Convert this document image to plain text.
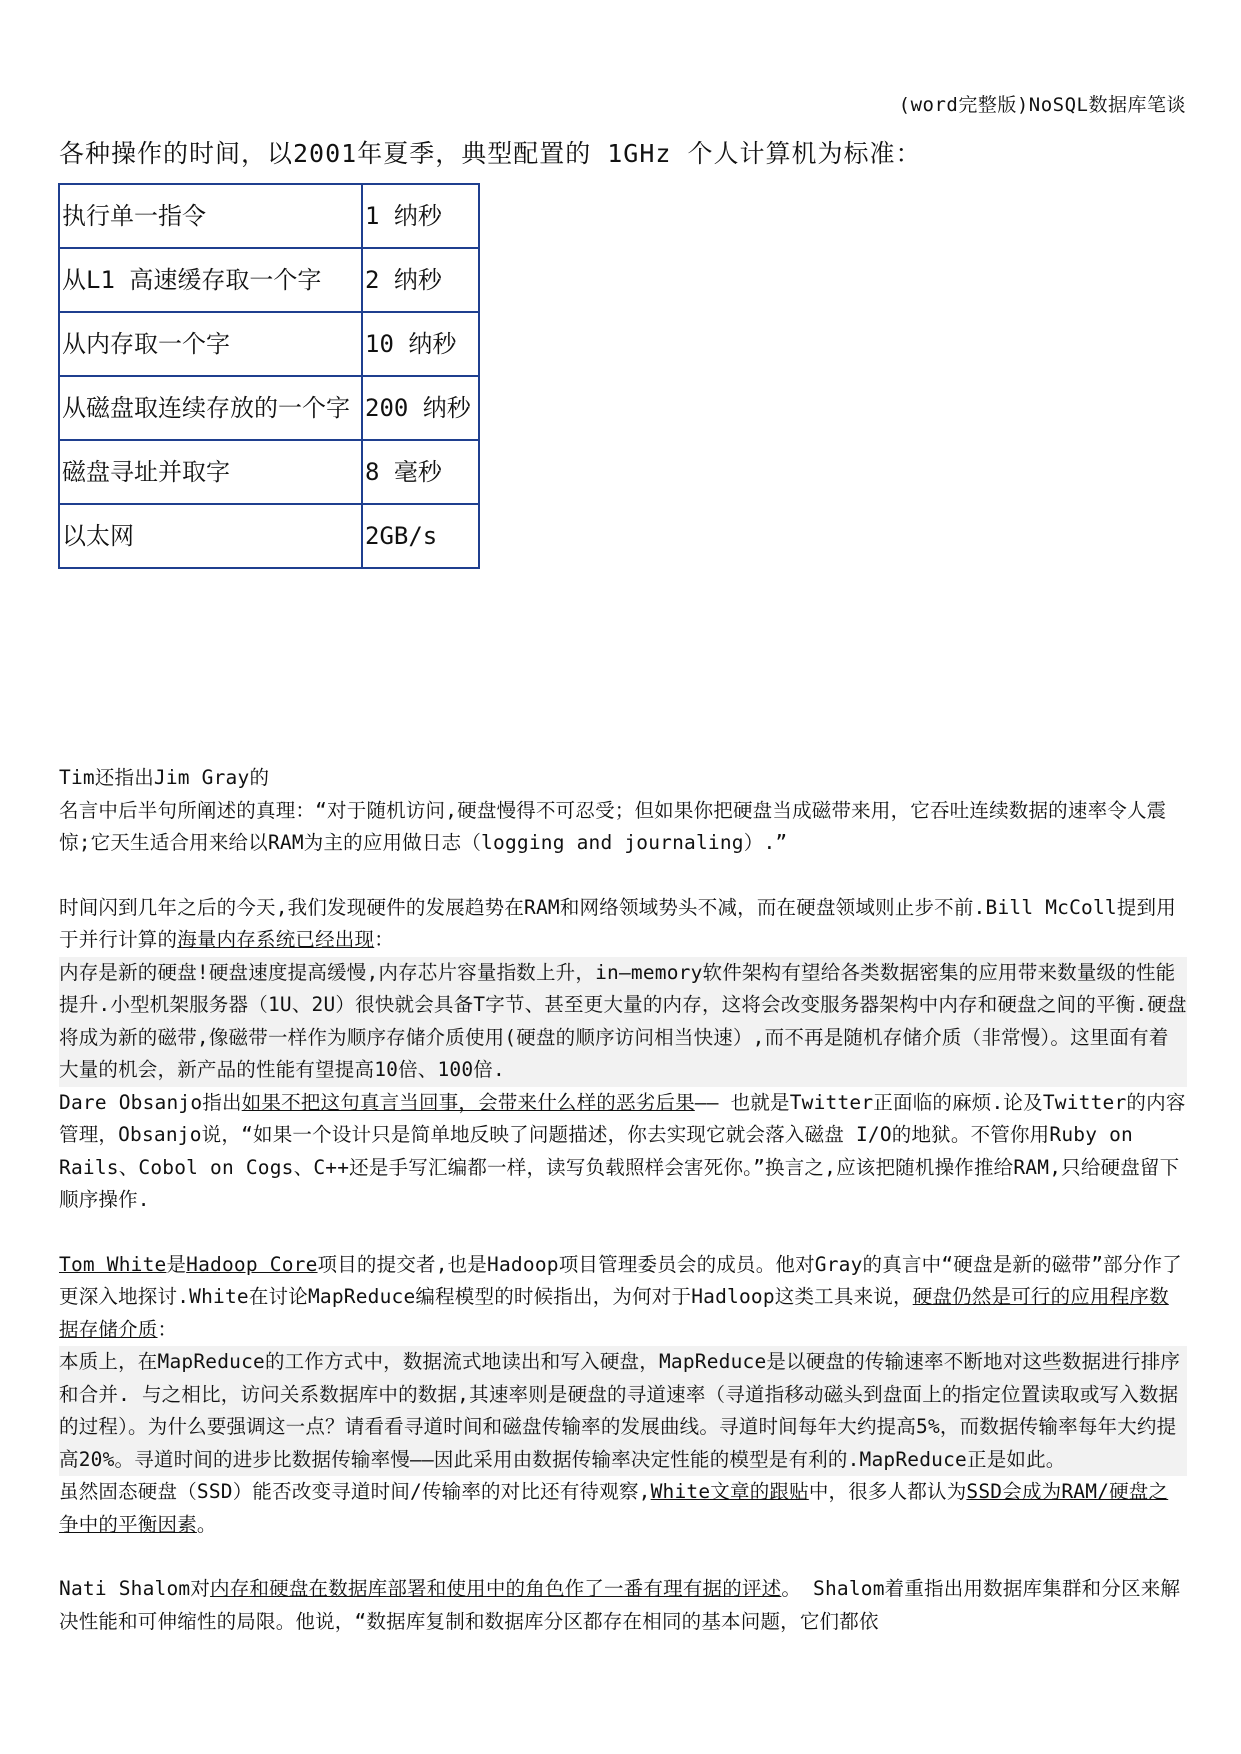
(word完整版)NoSQL数据库笔谈
各种操作的时间，以2001年夏季，典型配置的 1GHz 个人计算机为标准：
执行单一指令	1 纳秒
从L1 高速缓存取一个字	2 纳秒
从内存取一个字	10 纳秒
从磁盘取连续存放的一个字	200 纳秒
磁盘寻址并取字	8 毫秒
以太网	2GB/s

Tim还指出Jim Gray的

名言中后半句所阐述的真理：“对于随机访问,硬盘慢得不可忍受；但如果你把硬盘当成磁带来用，它吞吐连续数据的速率令人震惊;它天生适合用来给以RAM为主的应用做日志（logging and journaling）.”

时间闪到几年之后的今天,我们发现硬件的发展趋势在RAM和网络领域势头不减，而在硬盘领域则止步不前.Bill McColl提到用于并行计算的海量内存系统已经出现：

内存是新的硬盘!硬盘速度提高缓慢,内存芯片容量指数上升，in—memory软件架构有望给各类数据密集的应用带来数量级的性能提升.小型机架服务器（1U、2U）很快就会具备T字节、甚至更大量的内存，这将会改变服务器架构中内存和硬盘之间的平衡.硬盘将成为新的磁带,像磁带一样作为顺序存储介质使用(硬盘的顺序访问相当快速）,而不再是随机存储介质（非常慢）。这里面有着大量的机会，新产品的性能有望提高10倍、100倍.

Dare Obsanjo指出如果不把这句真言当回事，会带来什么样的恶劣后果—— 也就是Twitter正面临的麻烦.论及Twitter的内容管理，Obsanjo说，“如果一个设计只是简单地反映了问题描述，你去实现它就会落入磁盘 I/O的地狱。不管你用Ruby on Rails、Cobol on Cogs、C++还是手写汇编都一样，读写负载照样会害死你。”换言之,应该把随机操作推给RAM,只给硬盘留下顺序操作.

Tom White是Hadoop Core项目的提交者,也是Hadoop项目管理委员会的成员。他对Gray的真言中“硬盘是新的磁带”部分作了更深入地探讨.White在讨论MapReduce编程模型的时候指出，为何对于Hadloop这类工具来说，硬盘仍然是可行的应用程序数据存储介质：

本质上，在MapReduce的工作方式中，数据流式地读出和写入硬盘，MapReduce是以硬盘的传输速率不断地对这些数据进行排序和合并. 与之相比，访问关系数据库中的数据,其速率则是硬盘的寻道速率（寻道指移动磁头到盘面上的指定位置读取或写入数据的过程）。为什么要强调这一点？请看看寻道时间和磁盘传输率的发展曲线。寻道时间每年大约提高5%，而数据传输率每年大约提高20%。寻道时间的进步比数据传输率慢——因此采用由数据传输率决定性能的模型是有利的.MapReduce正是如此。

虽然固态硬盘（SSD）能否改变寻道时间/传输率的对比还有待观察,White文章的跟贴中，很多人都认为SSD会成为RAM/硬盘之争中的平衡因素。

Nati Shalom对内存和硬盘在数据库部署和使用中的角色作了一番有理有据的评述。 Shalom着重指出用数据库集群和分区来解决性能和可伸缩性的局限。他说，“数据库复制和数据库分区都存在相同的基本问题，它们都依
